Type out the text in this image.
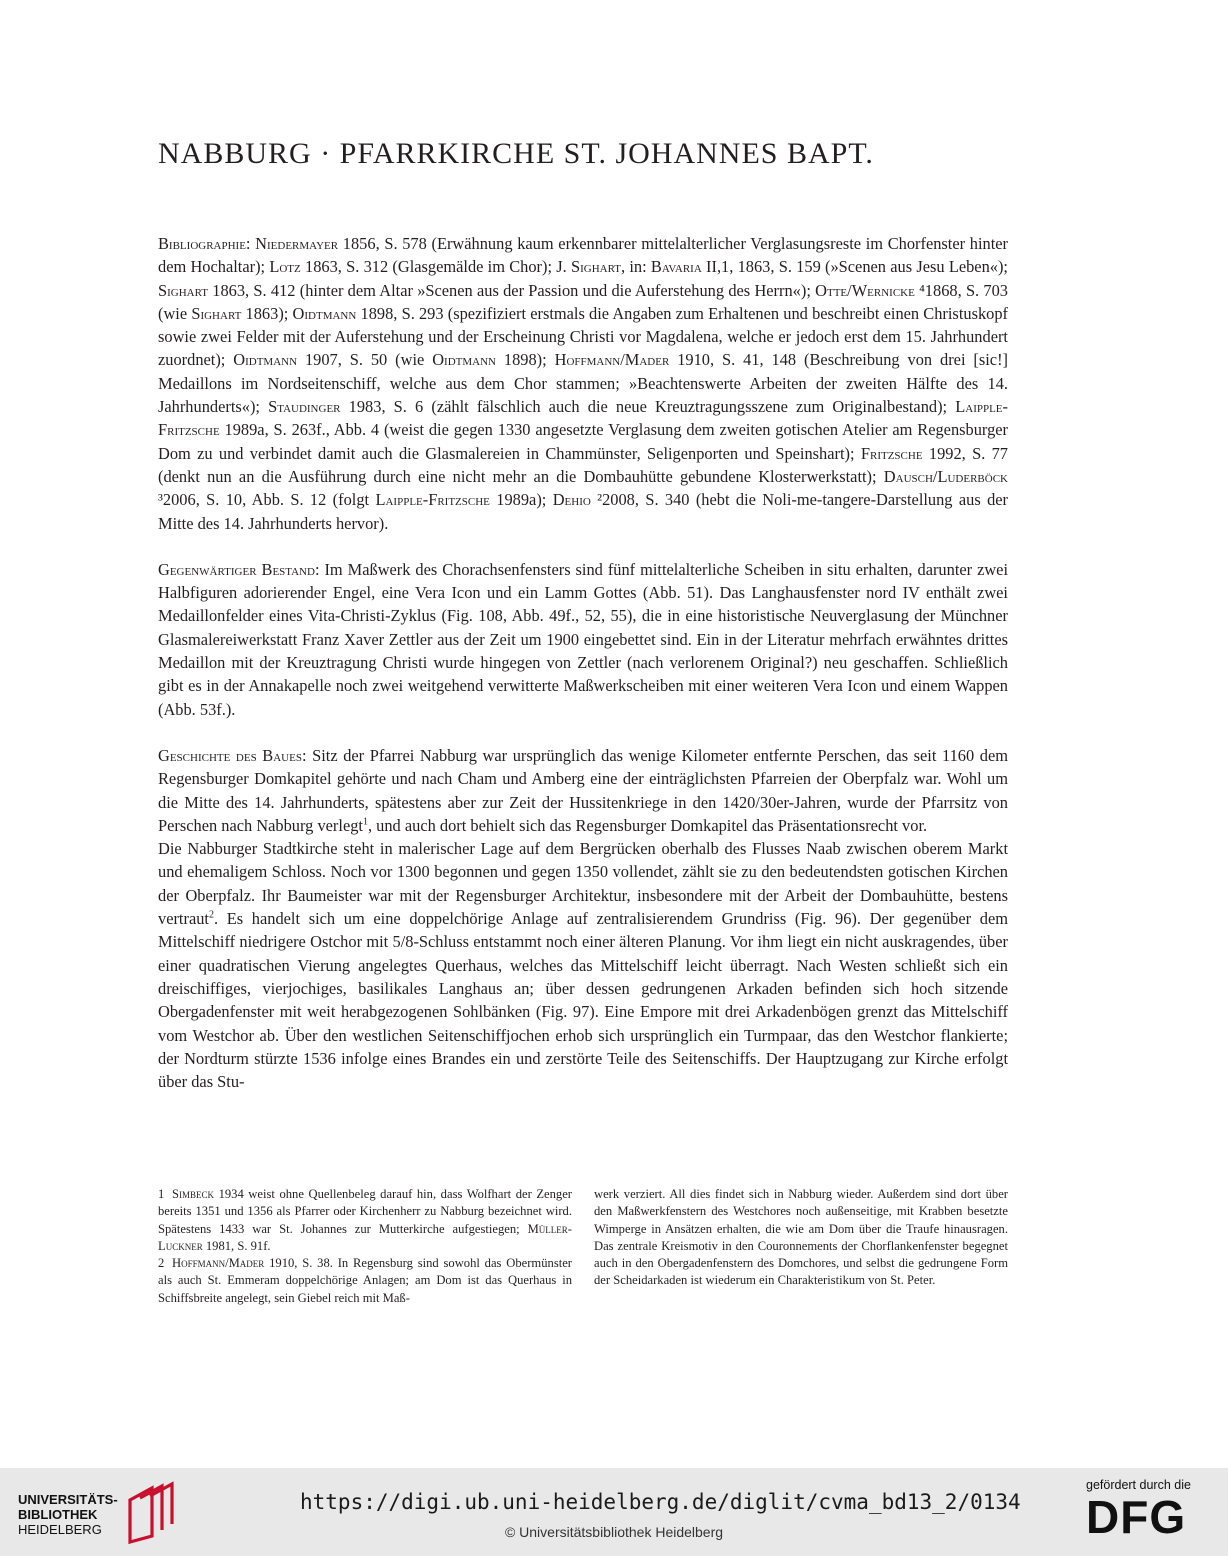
NABBURG · PFARRKIRCHE ST. JOHANNES BAPT.

Bibliographie: Niedermayer 1856, S. 578 (Erwähnung kaum erkennbarer mittelalterlicher Verglasungsreste im Chorfenster hinter dem Hochaltar); Lotz 1863, S. 312 (Glasgemälde im Chor); J. Sighart, in: Bavaria II,1, 1863, S. 159 (»Scenen aus Jesu Leben«); Sighart 1863, S. 412 (hinter dem Altar »Scenen aus der Passion und die Auferstehung des Herrn«); Otte/Wernicke ⁴1868, S. 703 (wie Sighart 1863); Oidtmann 1898, S. 293 (spezifiziert erstmals die Angaben zum Erhaltenen und beschreibt einen Christuskopf sowie zwei Felder mit der Auferstehung und der Erscheinung Christi vor Magdalena, welche er jedoch erst dem 15. Jahrhundert zuordnet); Oidtmann 1907, S. 50 (wie Oidtmann 1898); Hoffmann/Mader 1910, S. 41, 148 (Beschreibung von drei [sic!] Medaillons im Nordseitenschiff, welche aus dem Chor stammen; »Beachtenswerte Arbeiten der zweiten Hälfte des 14. Jahrhunderts«); Staudinger 1983, S. 6 (zählt fälschlich auch die neue Kreuztragungsszene zum Originalbestand); Laipple-Fritzsche 1989a, S. 263f., Abb. 4 (weist die gegen 1330 angesetzte Verglasung dem zweiten gotischen Atelier am Regensburger Dom zu und verbindet damit auch die Glasmalereien in Chammünster, Seligenporten und Speinshart); Fritzsche 1992, S. 77 (denkt nun an die Ausführung durch eine nicht mehr an die Dombauhütte gebundene Klosterwerkstatt); Dausch/Luderböck ³2006, S. 10, Abb. S. 12 (folgt Laipple-Fritzsche 1989a); Dehio ²2008, S. 340 (hebt die Noli-me-tangere-Darstellung aus der Mitte des 14. Jahrhunderts hervor).

Gegenwärtiger Bestand: Im Maßwerk des Chorachsenfensters sind fünf mittelalterliche Scheiben in situ erhalten, darunter zwei Halbfiguren adorierender Engel, eine Vera Icon und ein Lamm Gottes (Abb. 51). Das Langhausfenster nord IV enthält zwei Medaillonfelder eines Vita-Christi-Zyklus (Fig. 108, Abb. 49f., 52, 55), die in eine historistische Neuverglasung der Münchner Glasmalereiwerkstatt Franz Xaver Zettler aus der Zeit um 1900 eingebettet sind. Ein in der Literatur mehrfach erwähntes drittes Medaillon mit der Kreuztragung Christi wurde hingegen von Zettler (nach verlorenem Original?) neu geschaffen. Schließlich gibt es in der Annakapelle noch zwei weitgehend verwitterte Maßwerkscheiben mit einer weiteren Vera Icon und einem Wappen (Abb. 53f.).

Geschichte des Baues: Sitz der Pfarrei Nabburg war ursprünglich das wenige Kilometer entfernte Perschen, das seit 1160 dem Regensburger Domkapitel gehörte und nach Cham und Amberg eine der einträglichsten Pfarreien der Oberpfalz war. Wohl um die Mitte des 14. Jahrhunderts, spätestens aber zur Zeit der Hussitenkriege in den 1420/30er-Jahren, wurde der Pfarrsitz von Perschen nach Nabburg verlegt$^1$, und auch dort behielt sich das Regensburger Domkapitel das Präsentationsrecht vor.

Die Nabburger Stadtkirche steht in malerischer Lage auf dem Bergrücken oberhalb des Flusses Naab zwischen oberem Markt und ehemaligem Schloss. Noch vor 1300 begonnen und gegen 1350 vollendet, zählt sie zu den bedeutendsten gotischen Kirchen der Oberpfalz. Ihr Baumeister war mit der Regensburger Architektur, insbesondere mit der Arbeit der Dombauhütte, bestens vertraut$^2$. Es handelt sich um eine doppelchörige Anlage auf zentralisierendem Grundriss (Fig. 96). Der gegenüber dem Mittelschiff niedrigere Ostchor mit 5/8-Schluss entstammt noch einer älteren Planung. Vor ihm liegt ein nicht auskragendes, über einer quadratischen Vierung angelegtes Querhaus, welches das Mittelschiff leicht überragt. Nach Westen schließt sich ein dreischiffiges, vierjochiges, basilikales Langhaus an; über dessen gedrungenen Arkaden befinden sich hoch sitzende Obergadenfenster mit weit herabgezogenen Sohlbänken (Fig. 97). Eine Empore mit drei Arkadenbögen grenzt das Mittelschiff vom Westchor ab. Über den westlichen Seitenschiffjochen erhob sich ursprünglich ein Turmpaar, das den Westchor flankierte; der Nordturm stürzte 1536 infolge eines Brandes ein und zerstörte Teile des Seitenschiffs. Der Hauptzugang zur Kirche erfolgt über das Stu-

1 Simbeck 1934 weist ohne Quellenbeleg darauf hin, dass Wolfhart der Zenger bereits 1351 und 1356 als Pfarrer oder Kirchenherr zu Nabburg bezeichnet wird. Spätestens 1433 war St. Johannes zur Mutterkirche aufgestiegen; Müller-Luckner 1981, S. 91f.

2 Hoffmann/Mader 1910, S. 38. In Regensburg sind sowohl das Obermünster als auch St. Emmeram doppelchörige Anlagen; am Dom ist das Querhaus in Schiffsbreite angelegt, sein Giebel reich mit Maß-

werk verziert. All dies findet sich in Nabburg wieder. Außerdem sind dort über den Maßwerkfenstern des Westchores noch außenseitige, mit Krabben besetzte Wimperge in Ansätzen erhalten, die wie am Dom über die Traufe hinausragen. Das zentrale Kreismotiv in den Couronnements der Chorflankenfenster begegnet auch in den Obergadenfenstern des Domchores, und selbst die gedrungene Form der Scheidarkaden ist wiederum ein Charakteristikum von St. Peter.

UNIVERSITÄTS-
BIBLIOTHEK
HEIDELBERG
https://digi.ub.uni-heidelberg.de/diglit/cvma_bd13_2/0134
© Universitätsbibliothek Heidelberg
gefördert durch die
DFG
